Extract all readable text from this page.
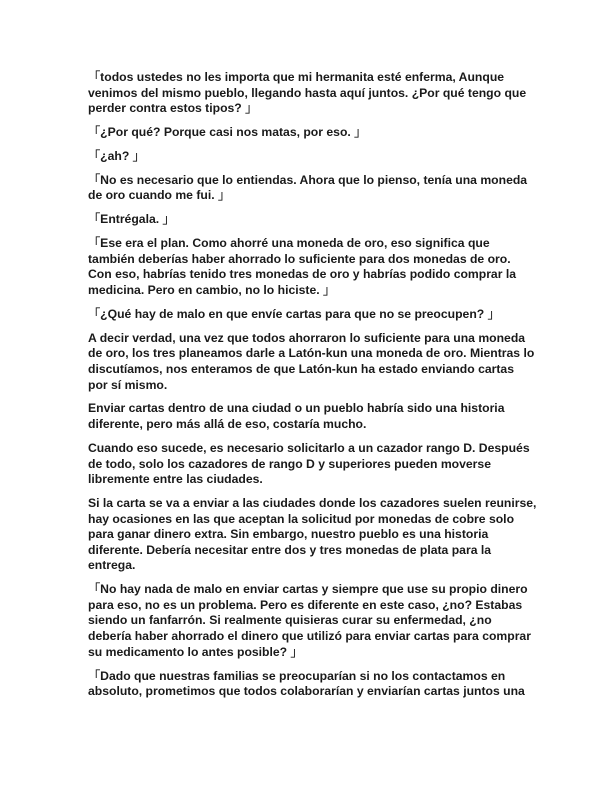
「todos ustedes no les importa que mi hermanita esté enferma, Aunque
venimos del mismo pueblo, llegando hasta aquí juntos. ¿Por qué tengo que
perder contra estos tipos? 」

「¿Por qué? Porque casi nos matas, por eso. 」

「¿ah? 」

「No es necesario que lo entiendas. Ahora que lo pienso, tenía una moneda
de oro cuando me fui. 」

「Entrégala. 」

「Ese era el plan. Como ahorré una moneda de oro, eso significa que
también deberías haber ahorrado lo suficiente para dos monedas de oro.
Con eso, habrías tenido tres monedas de oro y habrías podido comprar la
medicina. Pero en cambio, no lo hiciste. 」

「¿Qué hay de malo en que envíe cartas para que no se preocupen? 」

A decir verdad, una vez que todos ahorraron lo suficiente para una moneda
de oro, los tres planeamos darle a Latón-kun una moneda de oro. Mientras lo
discutíamos, nos enteramos de que Latón-kun ha estado enviando cartas
por sí mismo.

Enviar cartas dentro de una ciudad o un pueblo habría sido una historia
diferente, pero más allá de eso, costaría mucho.

Cuando eso sucede, es necesario solicitarlo a un cazador rango D. Después
de todo, solo los cazadores de rango D y superiores pueden moverse
libremente entre las ciudades.

Si la carta se va a enviar a las ciudades donde los cazadores suelen reunirse,
hay ocasiones en las que aceptan la solicitud por monedas de cobre solo
para ganar dinero extra. Sin embargo, nuestro pueblo es una historia
diferente. Debería necesitar entre dos y tres monedas de plata para la
entrega.

「No hay nada de malo en enviar cartas y siempre que use su propio dinero
para eso, no es un problema. Pero es diferente en este caso, ¿no? Estabas
siendo un fanfarrón. Si realmente quisieras curar su enfermedad, ¿no
debería haber ahorrado el dinero que utilizó para enviar cartas para comprar
su medicamento lo antes posible? 」

「Dado que nuestras familias se preocuparían si no los contactamos en
absoluto, prometimos que todos colaborarían y enviarían cartas juntos una
